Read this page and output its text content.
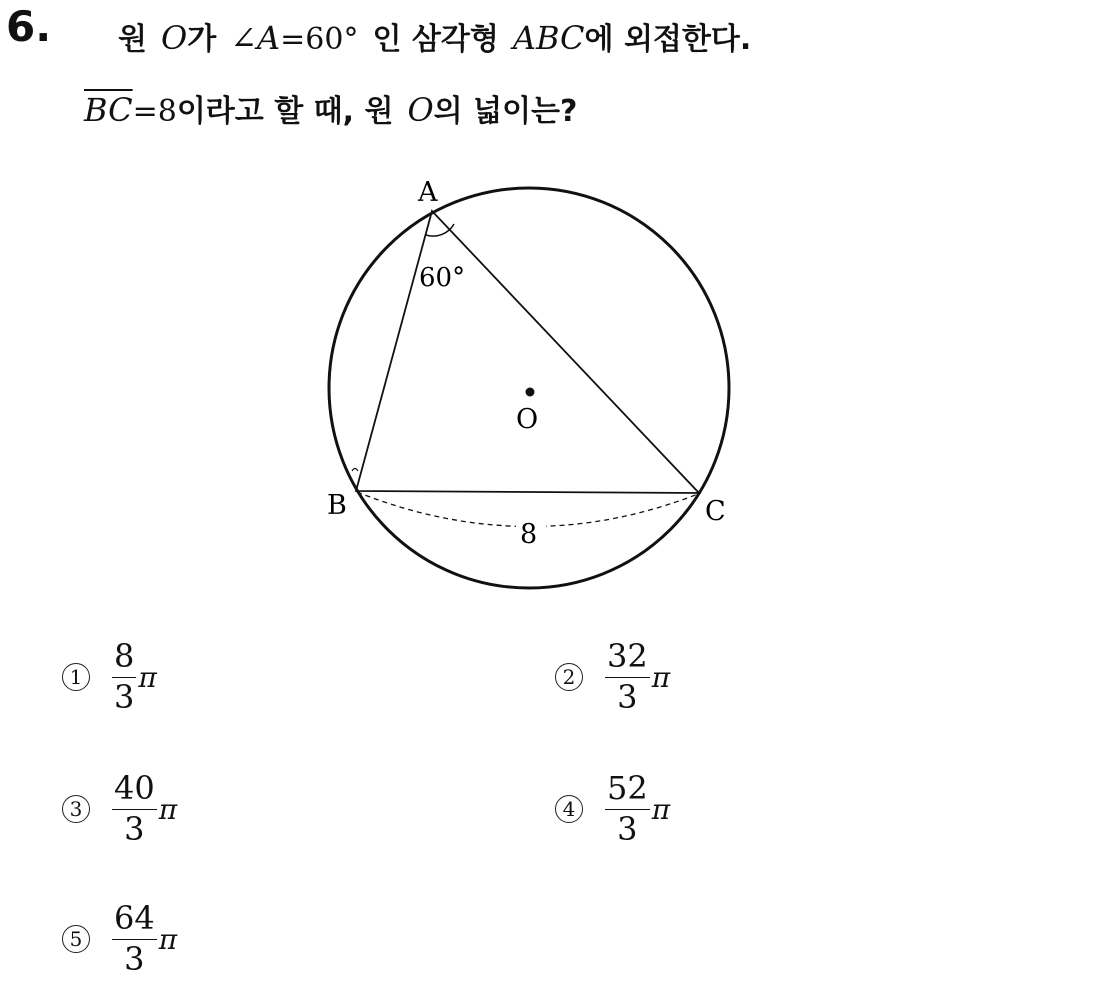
6. 원 O가 ∠A=60° 인 삼각형 ABC에 외접한다.
$\overline{BC}=8$이라고 할 때, 원 O의 넓이는?
A
B	C
O
60°
8
$1 \frac{8}{3}$ π	$2 \frac{32}{3}$ π
$3 \frac{40}{3}$ π	$4 \frac{52}{3}$ π
$5 \frac{64}{3}$ π
